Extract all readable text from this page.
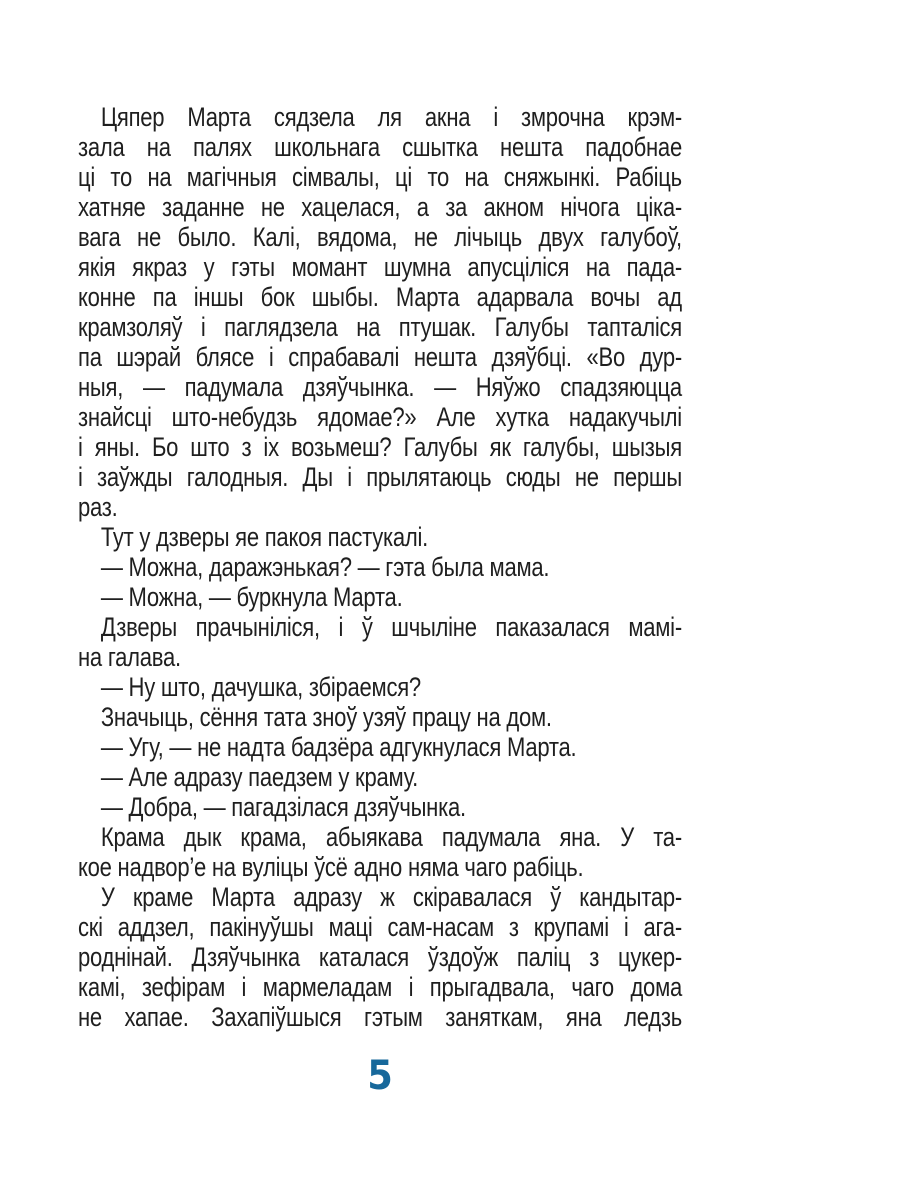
Цяпер Марта сядзела ля акна і змрочна крэм-
зала на палях школьнага сшытка нешта падобнае
ці то на магічныя сімвалы, ці то на сняжынкі. Рабіць
хатняе заданне не хацелася, а за акном нічога ціка-
вага не было. Калі, вядома, не лічыць двух галубоў,
якія якраз у гэты момант шумна апусціліся на пада-
конне па іншы бок шыбы. Марта адарвала вочы ад
крамзоляў і паглядзела на птушак. Галубы тапталіся
па шэрай блясе і спрабавалі нешта дзяўбці. «Во дур-
ныя, — падумала дзяўчынка. — Няўжо спадзяюцца
знайсці што-небудзь ядомае?» Але хутка надакучылі
і яны. Бо што з іх возьмеш? Галубы як галубы, шызыя
і заўжды галодныя. Ды і прылятаюць сюды не першы
раз.
Тут у дзверы яе пакоя пастукалі.
— Можна, даражэнькая? — гэта была мама.
— Можна, — буркнула Марта.
Дзверы прачыніліся, і ў шчыліне паказалася мамі-
на галава.
— Ну што, дачушка, збіраемся?
Значыць, сёння тата зноў узяў працу на дом.
— Угу, — не надта бадзёра адгукнулася Марта.
— Але адразу паедзем у краму.
— Добра, — пагадзілася дзяўчынка.
Крама дык крама, абыякава падумала яна. У та-
кое надвор’е на вуліцы ўсё адно няма чаго рабіць.
У краме Марта адразу ж скіравалася ў кандытар-
скі аддзел, пакінуўшы маці сам-насам з крупамі і ага-
роднінай. Дзяўчынка каталася ўздоўж паліц з цукер-
камі, зефірам і мармеладам і прыгадвала, чаго дома
не хапае. Захапіўшыся гэтым заняткам, яна ледзь
5
